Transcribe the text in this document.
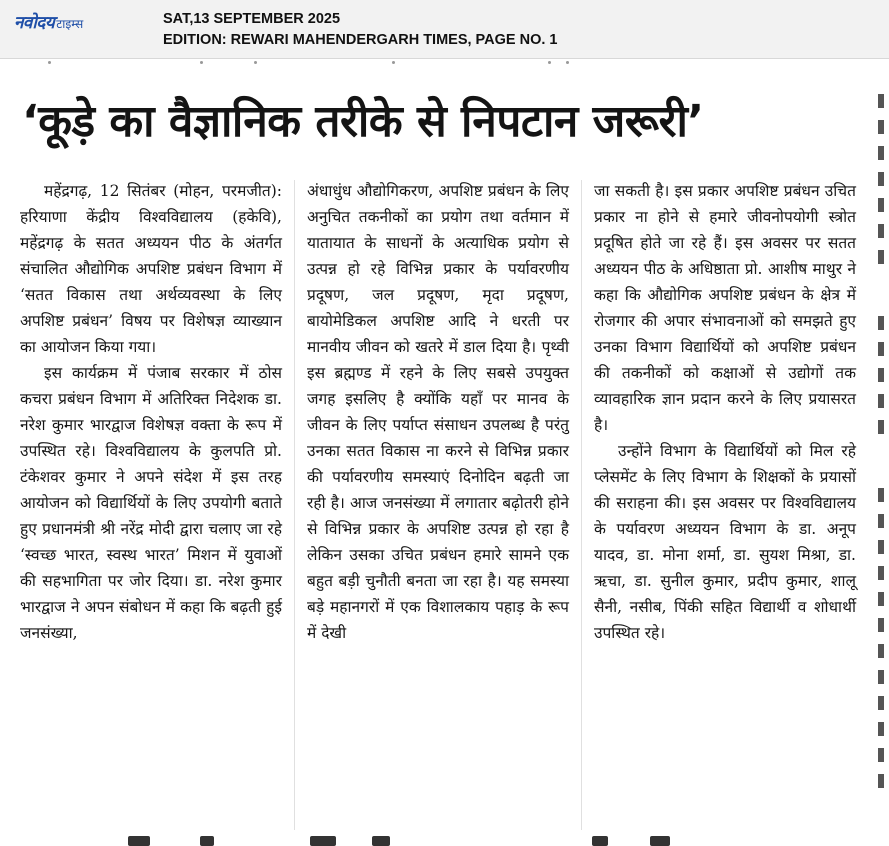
नवोदय टाइम्स	SAT,13 SEPTEMBER 2025
EDITION: REWARI MAHENDERGARH TIMES, PAGE NO. 1
‘कूड़े का वैज्ञानिक तरीके से निपटान जरूरी’

महेंद्रगढ़, 12 सितंबर (मोहन, परमजीत): हरियाणा केंद्रीय विश्वविद्यालय (हकेवि), महेंद्रगढ़ के सतत अध्ययन पीठ के अंतर्गत संचालित औद्योगिक अपशिष्ट प्रबंधन विभाग में ‘सतत विकास तथा अर्थव्यवस्था के लिए अपशिष्ट प्रबंधन’ विषय पर विशेषज्ञ व्याख्यान का आयोजन किया गया।

इस कार्यक्रम में पंजाब सरकार में ठोस कचरा प्रबंधन विभाग में अतिरिक्त निदेशक डा. नरेश कुमार भारद्वाज विशेषज्ञ वक्ता के रूप में उपस्थित रहे। विश्वविद्यालय के कुलपति प्रो. टंकेशवर कुमार ने अपने संदेश में इस तरह आयोजन को विद्यार्थियों के लिए उपयोगी बताते हुए प्रधानमंत्री श्री नरेंद्र मोदी द्वारा चलाए जा रहे ‘स्वच्छ भारत, स्वस्थ भारत’ मिशन में युवाओं की सहभागिता पर जोर दिया। डा. नरेश कुमार भारद्वाज ने अपन संबोधन में कहा कि बढ़ती हुई जनसंख्या,

अंधाधुंध औद्योगिकरण, अपशिष्ट प्रबंधन के लिए अनुचित तकनीकों का प्रयोग तथा वर्तमान में यातायात के साधनों के अत्याधिक प्रयोग से उत्पन्न हो रहे विभिन्न प्रकार के पर्यावरणीय प्रदूषण, जल प्रदूषण, मृदा प्रदूषण, बायोमेडिकल अपशिष्ट आदि ने धरती पर मानवीय जीवन को खतरे में डाल दिया है। पृथ्वी इस ब्रह्मण्ड में रहने के लिए सबसे उपयुक्त जगह इसलिए है क्योंकि यहाँ पर मानव के जीवन के लिए पर्याप्त संसाधन उपलब्ध है परंतु उनका सतत विकास ना करने से विभिन्न प्रकार की पर्यावरणीय समस्याएं दिनोदिन बढ़ती जा रही है। आज जनसंख्या में लगातार बढ़ोतरी होने से विभिन्न प्रकार के अपशिष्ट उत्पन्न हो रहा है लेकिन उसका उचित प्रबंधन हमारे सामने एक बहुत बड़ी चुनौती बनता जा रहा है। यह समस्या बड़े महानगरों में एक विशालकाय पहाड़ के रूप में देखी

जा सकती है। इस प्रकार अपशिष्ट प्रबंधन उचित प्रकार ना होने से हमारे जीवनोपयोगी स्त्रोत प्रदूषित होते जा रहे हैं। इस अवसर पर सतत अध्ययन पीठ के अधिष्ठाता प्रो. आशीष माथुर ने कहा कि औद्योगिक अपशिष्ट प्रबंधन के क्षेत्र में रोजगार की अपार संभावनाओं को समझते हुए उनका विभाग विद्यार्थियों को अपशिष्ट प्रबंधन की तकनीकों को कक्षाओं से उद्योगों तक व्यावहारिक ज्ञान प्रदान करने के लिए प्रयासरत है।

उन्होंने विभाग के विद्यार्थियों को मिल रहे प्लेसमेंट के लिए विभाग के शिक्षकों के प्रयासों की सराहना की। इस अवसर पर विश्वविद्यालय के पर्यावरण अध्ययन विभाग के डा. अनूप यादव, डा. मोना शर्मा, डा. सुयश मिश्रा, डा. ऋचा, डा. सुनील कुमार, प्रदीप कुमार, शालू सैनी, नसीब, पिंकी सहित विद्यार्थी व शोधार्थी उपस्थित रहे।
